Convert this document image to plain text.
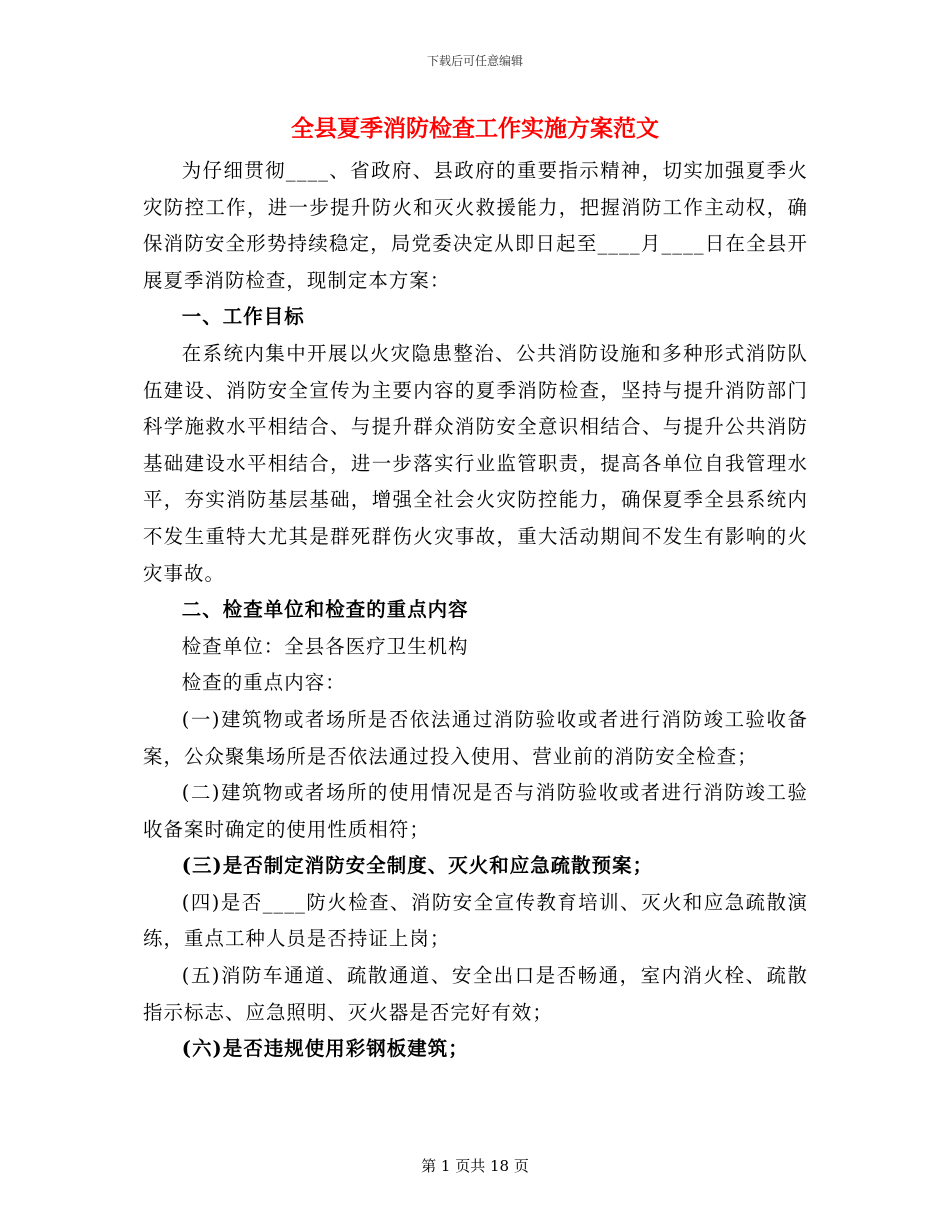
下载后可任意编辑
全县夏季消防检查工作实施方案范文

为仔细贯彻____、省政府、县政府的重要指示精神，切实加强夏季火灾防控工作，进一步提升防火和灭火救援能力，把握消防工作主动权，确保消防安全形势持续稳定，局党委决定从即日起至____月____日在全县开展夏季消防检查，现制定本方案：

一、工作目标

在系统内集中开展以火灾隐患整治、公共消防设施和多种形式消防队伍建设、消防安全宣传为主要内容的夏季消防检查，坚持与提升消防部门科学施救水平相结合、与提升群众消防安全意识相结合、与提升公共消防基础建设水平相结合，进一步落实行业监管职责，提高各单位自我管理水平，夯实消防基层基础，增强全社会火灾防控能力，确保夏季全县系统内不发生重特大尤其是群死群伤火灾事故，重大活动期间不发生有影响的火灾事故。

二、检查单位和检查的重点内容

检查单位：全县各医疗卫生机构

检查的重点内容：

(一)建筑物或者场所是否依法通过消防验收或者进行消防竣工验收备案，公众聚集场所是否依法通过投入使用、营业前的消防安全检查；

(二)建筑物或者场所的使用情况是否与消防验收或者进行消防竣工验收备案时确定的使用性质相符；

(三)是否制定消防安全制度、灭火和应急疏散预案；

(四)是否____防火检查、消防安全宣传教育培训、灭火和应急疏散演练，重点工种人员是否持证上岗；

(五)消防车通道、疏散通道、安全出口是否畅通，室内消火栓、疏散指示标志、应急照明、灭火器是否完好有效；

(六)是否违规使用彩钢板建筑；

第 1 页共 18 页
